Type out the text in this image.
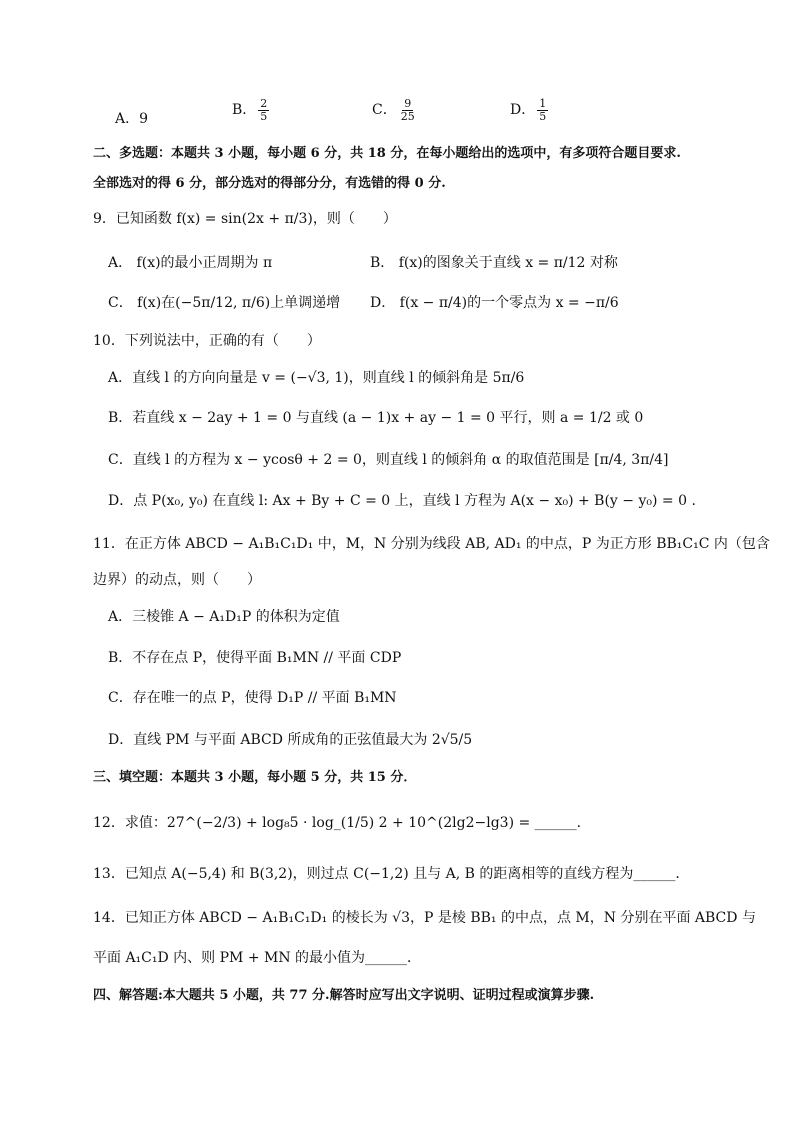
A．9
B． $\frac{2}{5}$	C． $\frac{9}{25}$	D． $\frac{1}{5}$
二、多选题：本题共 3 小题，每小题 6 分，共 18 分，在每小题给出的选项中，有多项符合题目要求.
全部选对的得 6 分，部分选对的得部分分，有选错的得 0 分.
9．已知函数 f(x) = sin(2x + π/3)，则（　　）
A． f(x)的最小正周期为 π	B． f(x)的图象关于直线 x = π/12 对称
C． f(x)在(−5π/12, π/6)上单调递增	D． f(x − π/4)的一个零点为 x = −π/6
10．下列说法中，正确的有（　　）
A．直线 l 的方向向量是 v = (−√3, 1)，则直线 l 的倾斜角是 5π/6
B．若直线 x − 2ay + 1 = 0 与直线 (a − 1)x + ay − 1 = 0 平行，则 a = 1/2 或 0
C．直线 l 的方程为 x − ycosθ + 2 = 0，则直线 l 的倾斜角 α 的取值范围是 [π/4, 3π/4]
D．点 P(x₀, y₀) 在直线 l: Ax + By + C = 0 上，直线 l 方程为 A(x − x₀) + B(y − y₀) = 0 .
11．在正方体 ABCD − A₁B₁C₁D₁ 中，M，N 分别为线段 AB, AD₁ 的中点，P 为正方形 BB₁C₁C 内（包含
边界）的动点，则（　　）
A．三棱锥 A − A₁D₁P 的体积为定值
B．不存在点 P，使得平面 B₁MN // 平面 CDP
C．存在唯一的点 P，使得 D₁P // 平面 B₁MN
D．直线 PM 与平面 ABCD 所成角的正弦值最大为 2√5/5
三、填空题：本题共 3 小题，每小题 5 分，共 15 分．
12．求值：27^(−2/3) + log₈5 · log_(1/5) 2 + 10^(2lg2−lg3) = ______．
13．已知点 A(−5,4) 和 B(3,2)，则过点 C(−1,2) 且与 A, B 的距离相等的直线方程为______．
14．已知正方体 ABCD − A₁B₁C₁D₁ 的棱长为 √3，P 是棱 BB₁ 的中点，点 M，N 分别在平面 ABCD 与
平面 A₁C₁D 内、则 PM + MN 的最小值为______．
四、解答题:本大题共 5 小题，共 77 分.解答时应写出文字说明、证明过程或演算步骤.
